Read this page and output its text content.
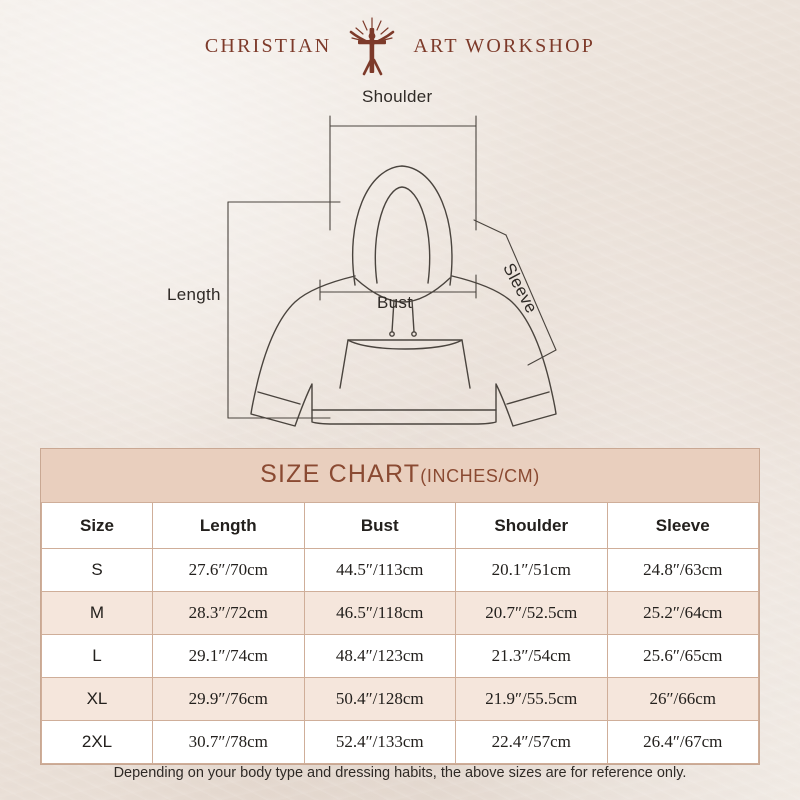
CHRISTIAN	ART WORKSHOP
Shoulder
Bust
Length	Sleeve
SIZE CHART(INCHES/CM)
Size	Length	Bust	Shoulder	Sleeve
S	27.6″/70cm	44.5″/113cm	20.1″/51cm	24.8″/63cm
M	28.3″/72cm	46.5″/118cm	20.7″/52.5cm	25.2″/64cm
L	29.1″/74cm	48.4″/123cm	21.3″/54cm	25.6″/65cm
XL	29.9″/76cm	50.4″/128cm	21.9″/55.5cm	26″/66cm
2XL	30.7″/78cm	52.4″/133cm	22.4″/57cm	26.4″/67cm
Depending on your body type and dressing habits, the above sizes are for reference only.
